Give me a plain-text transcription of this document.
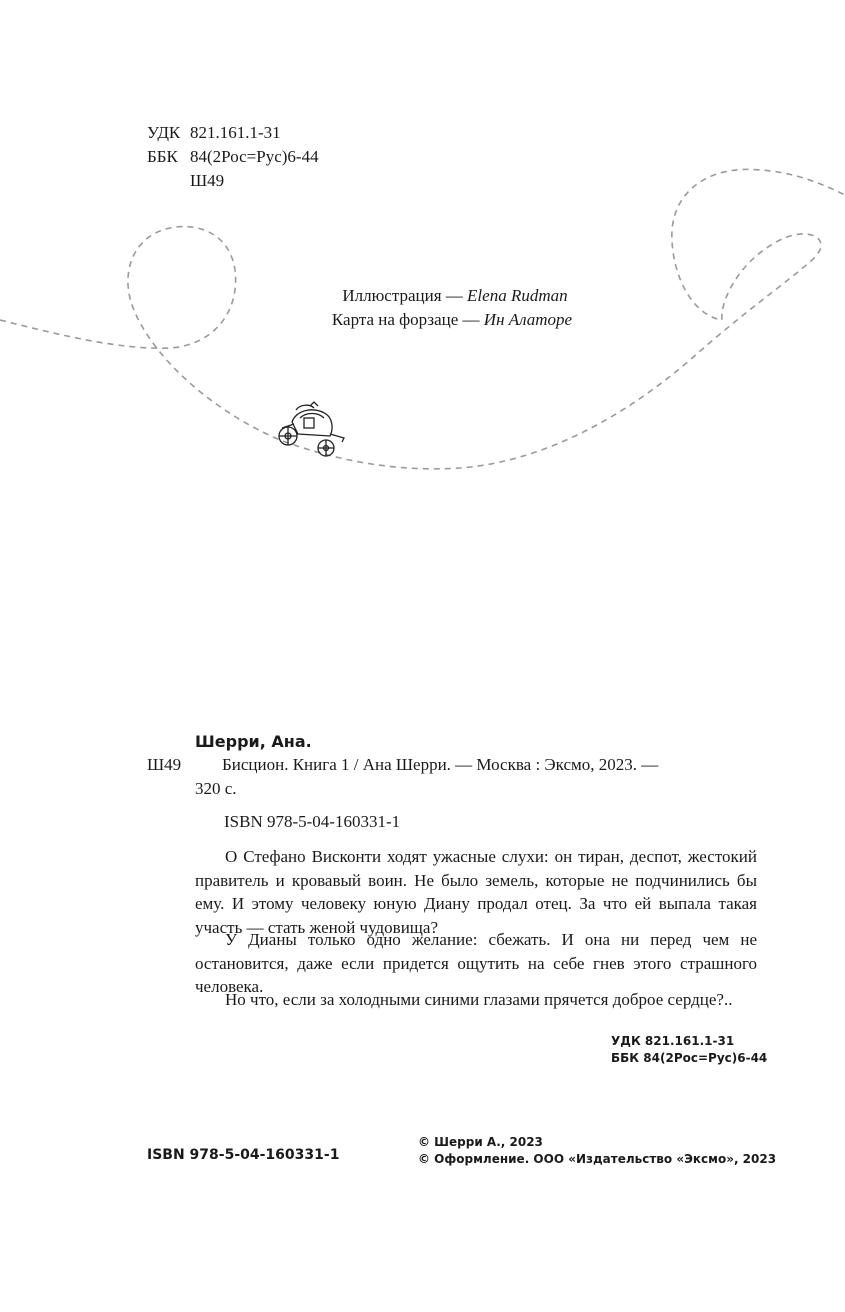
УДК 821.161.1-31
ББК 84(2Рос=Рус)6-44
Ш49
Иллюстрация — Elena Rudman
Карта на форзаце — Ин Алаторе
Шерри, Ана.
Ш49 Бисцион. Книга 1 / Ана Шерри. — Москва : Эксмо, 2023. —
320 с.
ISBN 978-5-04-160331-1
О Стефано Висконти ходят ужасные слухи: он тиран, деспот, жестокий правитель и кровавый воин. Не было земель, которые не подчинились бы ему. И этому человеку юную Диану продал отец. За что ей выпала такая участь — стать женой чудовища?
У Дианы только одно желание: сбежать. И она ни перед чем не остановится, даже если придется ощутить на себе гнев этого страшного человека.
Но что, если за холодными синими глазами прячется доброе сердце?..
УДК 821.161.1-31
ББК 84(2Рос=Рус)6-44
ISBN 978-5-04-160331-1
© Шерри А., 2023
© Оформление. ООО «Издательство «Эксмо», 2023
